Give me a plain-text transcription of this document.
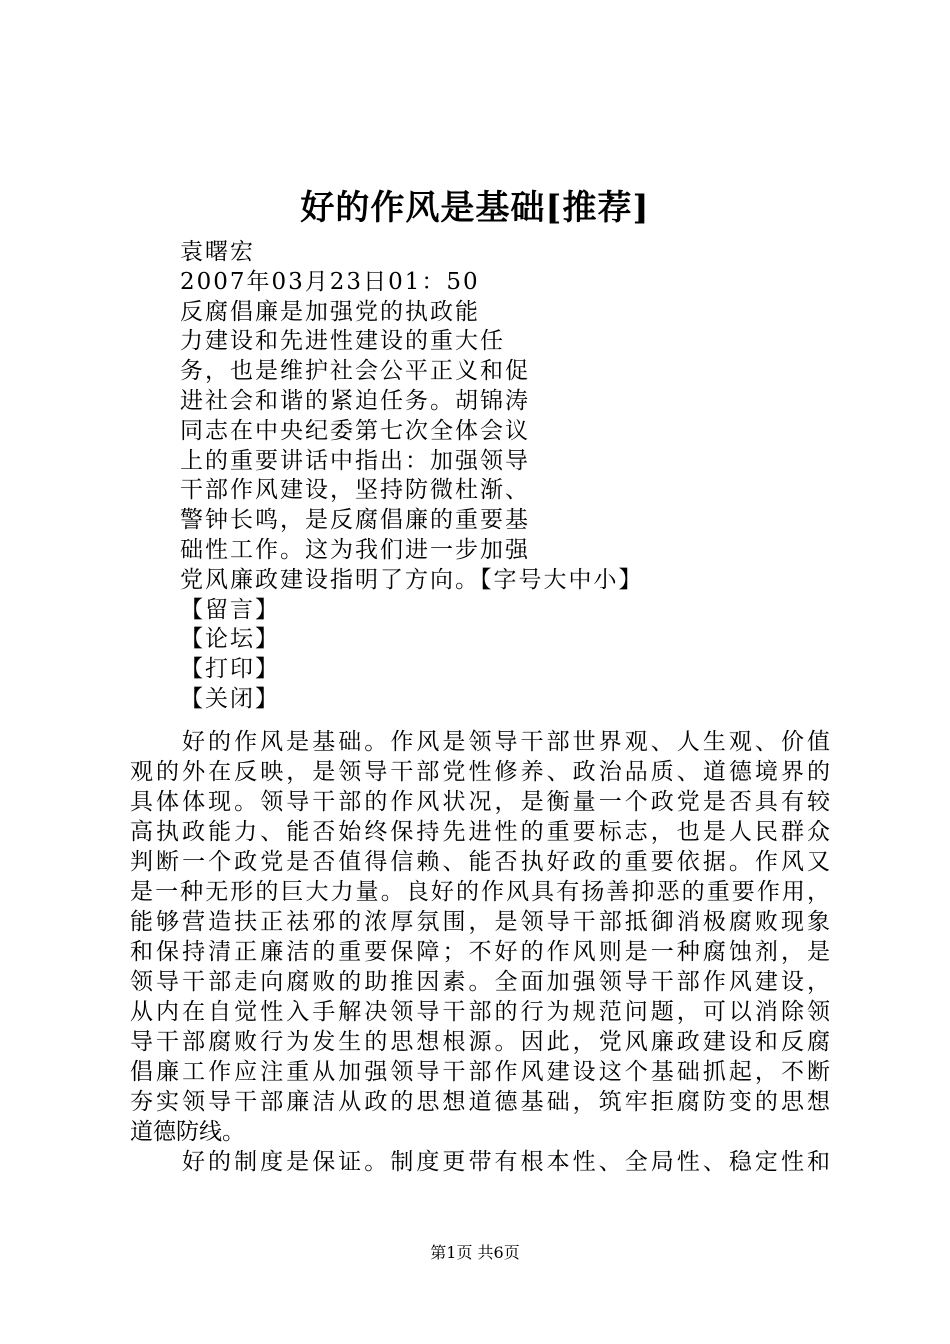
好的作风是基础[推荐]
袁曙宏
2007年03月23日01：50
反腐倡廉是加强党的执政能
力建设和先进性建设的重大任
务，也是维护社会公平正义和促
进社会和谐的紧迫任务。胡锦涛
同志在中央纪委第七次全体会议
上的重要讲话中指出：加强领导
干部作风建设，坚持防微杜渐、
警钟长鸣，是反腐倡廉的重要基
础性工作。这为我们进一步加强
党风廉政建设指明了方向。【字号大中小】
【留言】
【论坛】
【打印】
【关闭】
好的作风是基础。作风是领导干部世界观、人生观、价值
观的外在反映，是领导干部党性修养、政治品质、道德境界的
具体体现。领导干部的作风状况，是衡量一个政党是否具有较
高执政能力、能否始终保持先进性的重要标志，也是人民群众
判断一个政党是否值得信赖、能否执好政的重要依据。作风又
是一种无形的巨大力量。良好的作风具有扬善抑恶的重要作用，
能够营造扶正祛邪的浓厚氛围，是领导干部抵御消极腐败现象
和保持清正廉洁的重要保障；不好的作风则是一种腐蚀剂，是
领导干部走向腐败的助推因素。全面加强领导干部作风建设，
从内在自觉性入手解决领导干部的行为规范问题，可以消除领
导干部腐败行为发生的思想根源。因此，党风廉政建设和反腐
倡廉工作应注重从加强领导干部作风建设这个基础抓起，不断
夯实领导干部廉洁从政的思想道德基础，筑牢拒腐防变的思想
道德防线。
好的制度是保证。制度更带有根本性、全局性、稳定性和
第1页 共6页
